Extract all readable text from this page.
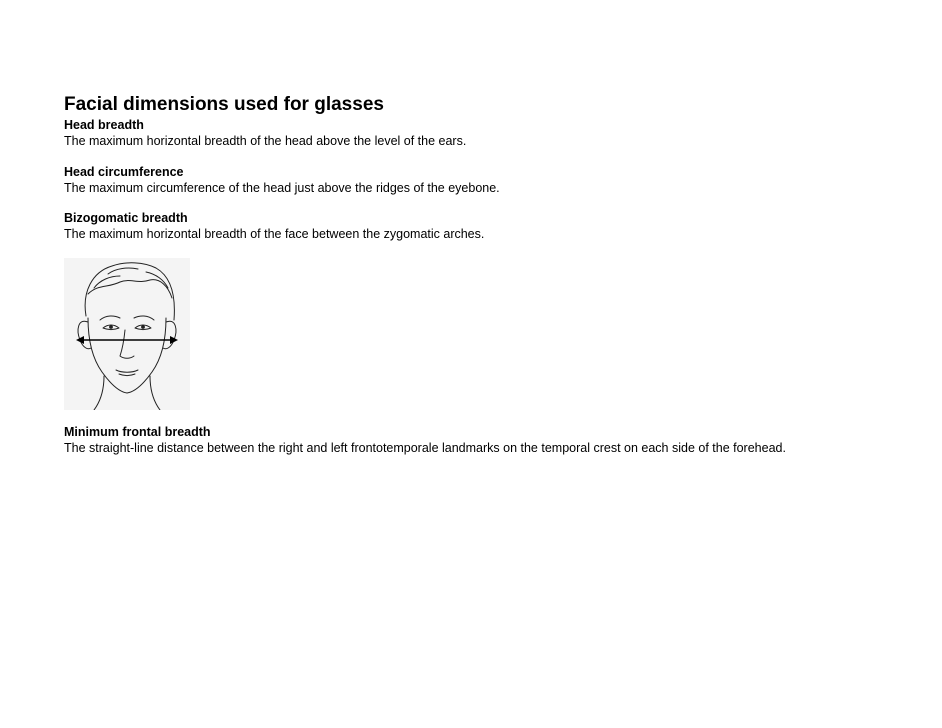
Facial dimensions used for glasses
Head breadth
The maximum horizontal breadth of the head above the level of the ears.
Head circumference
The maximum circumference of the head just above the ridges of the eyebone.
Bizogomatic breadth
The maximum horizontal breadth of the face between the zygomatic arches.
Minimum frontal breadth
The straight-line distance between the right and left frontotemporale landmarks on the temporal crest on each side of the forehead.
